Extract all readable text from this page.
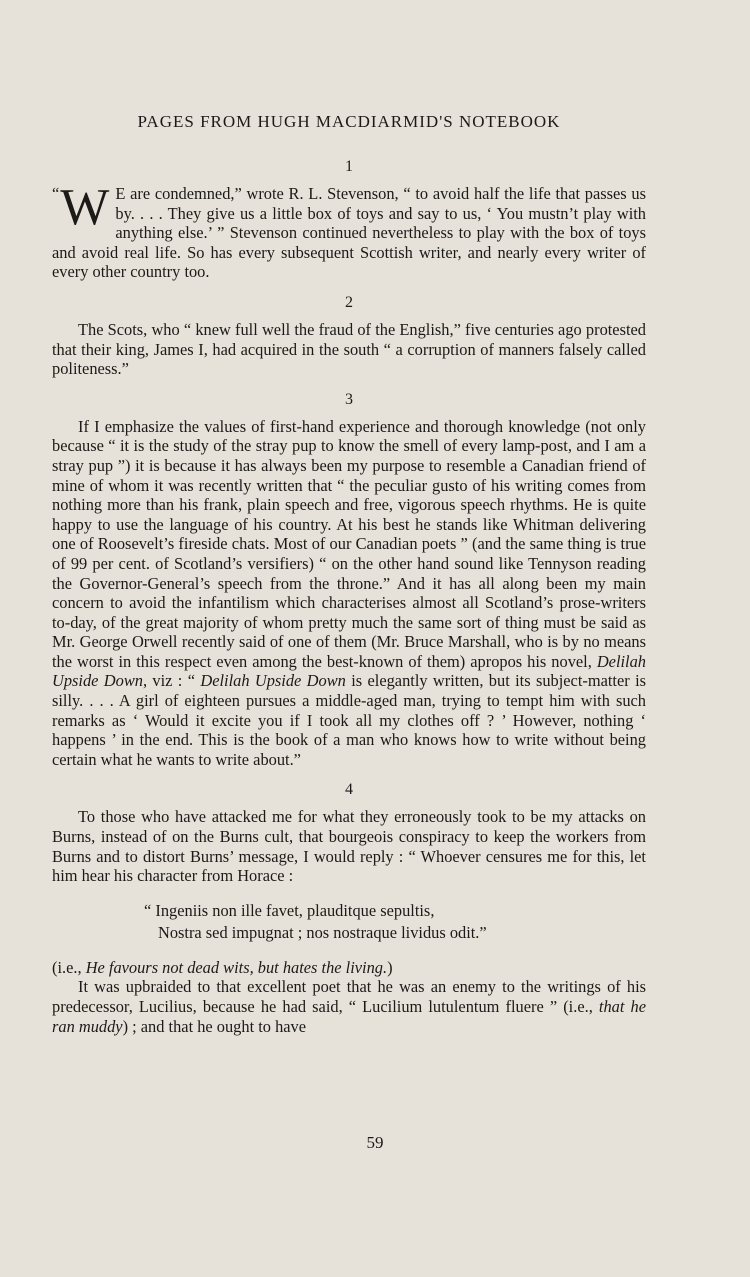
PAGES FROM HUGH MACDIARMID'S NOTEBOOK
1

“ W E are condemned,” wrote R. L. Stevenson, “ to avoid half the life that passes us by. . . . They give us a little box of toys and say to us, ‘ You mustn’t play with anything else.’ ” Stevenson continued nevertheless to play with the box of toys and avoid real life. So has every subsequent Scottish writer, and nearly every writer of every other country too.

2

The Scots, who “ knew full well the fraud of the English,” five centuries ago protested that their king, James I, had acquired in the south “ a corruption of manners falsely called politeness.”

3

If I emphasize the values of first-hand experience and thorough knowledge (not only because “ it is the study of the stray pup to know the smell of every lamp-post, and I am a stray pup ”) it is because it has always been my purpose to resemble a Canadian friend of mine of whom it was recently written that “ the peculiar gusto of his writing comes from nothing more than his frank, plain speech and free, vigorous speech rhythms. He is quite happy to use the language of his country. At his best he stands like Whitman delivering one of Roosevelt’s fireside chats. Most of our Canadian poets ” (and the same thing is true of 99 per cent. of Scotland’s versifiers) “ on the other hand sound like Tennyson reading the Governor-General’s speech from the throne.” And it has all along been my main concern to avoid the infantilism which characterises almost all Scotland’s prose-writers to-day, of the great majority of whom pretty much the same sort of thing must be said as Mr. George Orwell recently said of one of them (Mr. Bruce Marshall, who is by no means the worst in this respect even among the best-known of them) apropos his novel, Delilah Upside Down, viz : “ Delilah Upside Down is elegantly written, but its subject-matter is silly. . . . A girl of eighteen pursues a middle-aged man, trying to tempt him with such remarks as ‘ Would it excite you if I took all my clothes off ? ’ However, nothing ‘ happens ’ in the end. This is the book of a man who knows how to write without being certain what he wants to write about.”

4

To those who have attacked me for what they erroneously took to be my attacks on Burns, instead of on the Burns cult, that bourgeois conspiracy to keep the workers from Burns and to distort Burns’ message, I would reply : “ Whoever censures me for this, let him hear his character from Horace :

“ Ingeniis non ille favet, plauditque sepultis,
Nostra sed impugnat ; nos nostraque lividus odit.”

(i.e., He favours not dead wits, but hates the living.)

It was upbraided to that excellent poet that he was an enemy to the writings of his predecessor, Lucilius, because he had said, “ Lucilium lutulentum fluere ” (i.e., that he ran muddy) ; and that he ought to have

59
